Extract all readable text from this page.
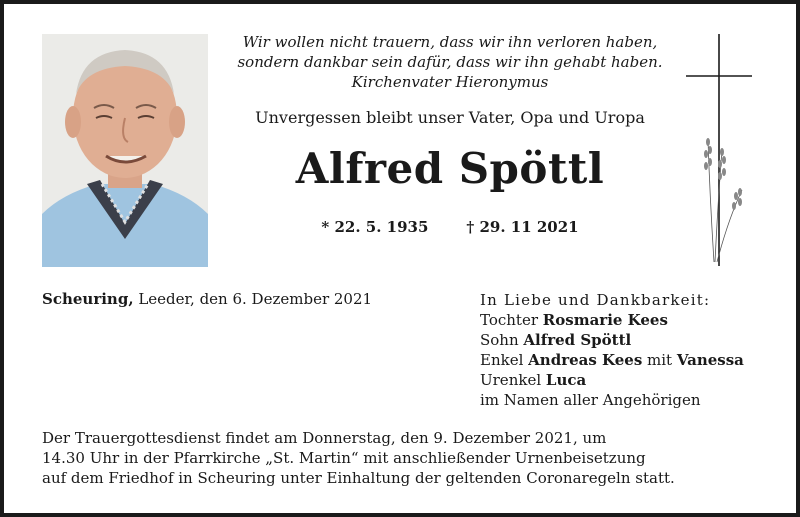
Wir wollen nicht trauern, dass wir ihn verloren haben,
sondern dankbar sein dafür, dass wir ihn gehabt haben.
Kirchenvater Hieronymus
Unvergessen bleibt unser Vater, Opa und Uropa
Alfred Spöttl
* 22. 5. 1935	† 29. 11 2021
Scheuring, Leeder, den 6. Dezember 2021	In Liebe und Dankbarkeit:
Tochter Rosmarie Kees
Sohn Alfred Spöttl
Enkel Andreas Kees mit Vanessa
Urenkel Luca
im Namen aller Angehörigen
Der Trauergottesdienst findet am Donnerstag, den 9. Dezember 2021, um
14.30 Uhr in der Pfarrkirche „St. Martin“ mit anschließender Urnenbeisetzung
auf dem Friedhof in Scheuring unter Einhaltung der geltenden Coronaregeln statt.
